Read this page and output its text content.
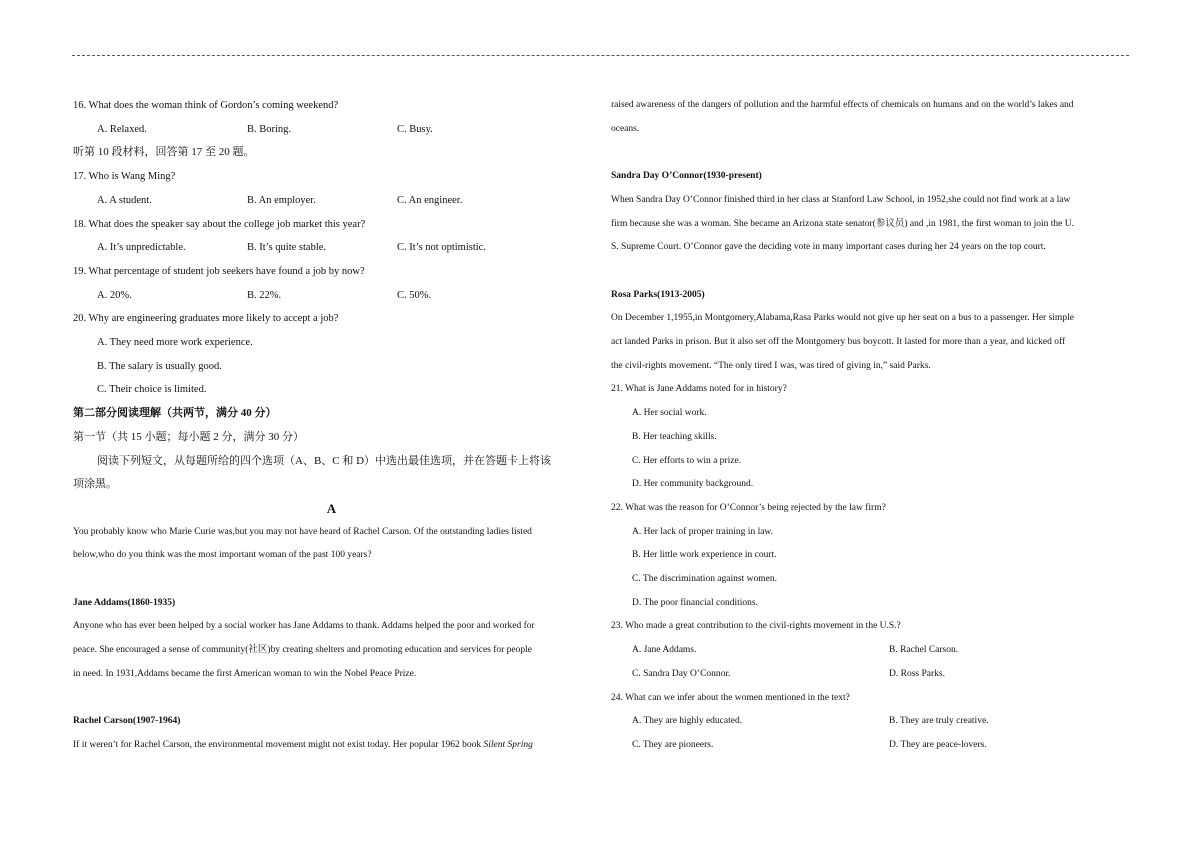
16. What does the woman think of Gordon’s coming weekend?
A. Relaxed.	B. Boring.	C. Busy.
听第 10 段材料，回答第 17 至 20 题。
17. Who is Wang Ming?
A. A student.	B. An employer.	C. An engineer.
18. What does the speaker say about the college job market this year?
A. It’s unpredictable.	B. It’s quite stable.	C. It’s not optimistic.
19. What percentage of student job seekers have found a job by now?
A. 20%.	B. 22%.	C. 50%.
20. Why are engineering graduates more likely to accept a job?
A. They need more work experience.
B. The salary is usually good.
C. Their choice is limited.
第二部分阅读理解（共两节，满分 40 分）
第一节（共 15 小题；每小题 2 分，满分 30 分）
阅读下列短文，从每题所给的四个选项（A、B、C 和 D）中选出最佳选项，并在答题卡上将该
项涂黑。
A
You probably know who Marie Curie was,but you may not have heard of Rachel Carson. Of the outstanding ladies listed
below,who do you think was the most important woman of the past 100 years?
Jane Addams(1860-1935)
Anyone who has ever been helped by a social worker has Jane Addams to thank. Addams helped the poor and worked for
peace. She encouraged a sense of community(社区)by creating shelters and promoting education and services for people
in need. In 1931,Addams became the first American woman to win the Nobel Peace Prize.
Rachel Carson(1907-1964)
If it weren’t for Rachel Carson, the environmental movement might not exist today. Her popular 1962 book Silent Spring
raised awareness of the dangers of pollution and the harmful effects of chemicals on humans and on the world’s lakes and
oceans.
Sandra Day O’Connor(1930-present)
When Sandra Day O’Connor finished third in her class at Stanford Law School, in 1952,she could not find work at a law
firm because she was a woman. She became an Arizona state senator(参议员) and ,in 1981, the first woman to join the U.
S. Supreme Court. O’Connor gave the deciding vote in many important cases during her 24 years on the top court.
Rosa Parks(1913-2005)
On December 1,1955,in Montgomery,Alabama,Rasa Parks would not give up her seat on a bus to a passenger. Her simple
act landed Parks in prison. But it also set off the Montgomery bus boycott. It lasted for more than a year, and kicked off
the civil-rights movement. “The only tired I was, was tired of giving in,” said Parks.
21. What is Jane Addams noted for in history?
A. Her social work.
B. Her teaching skills.
C. Her efforts to win a prize.
D. Her community background.
22. What was the reason for O’Connor’s being rejected by the law firm?
A. Her lack of proper training in law.
B. Her little work experience in court.
C. The discrimination against women.
D. The poor financial conditions.
23. Who made a great contribution to the civil-rights movement in the U.S.?
A. Jane Addams.	B. Rachel Carson.
C. Sandra Day O’Connor.	D. Ross Parks.
24. What can we infer about the women mentioned in the text?
A. They are highly educated.	B. They are truly creative.
C. They are pioneers.	D. They are peace-lovers.
